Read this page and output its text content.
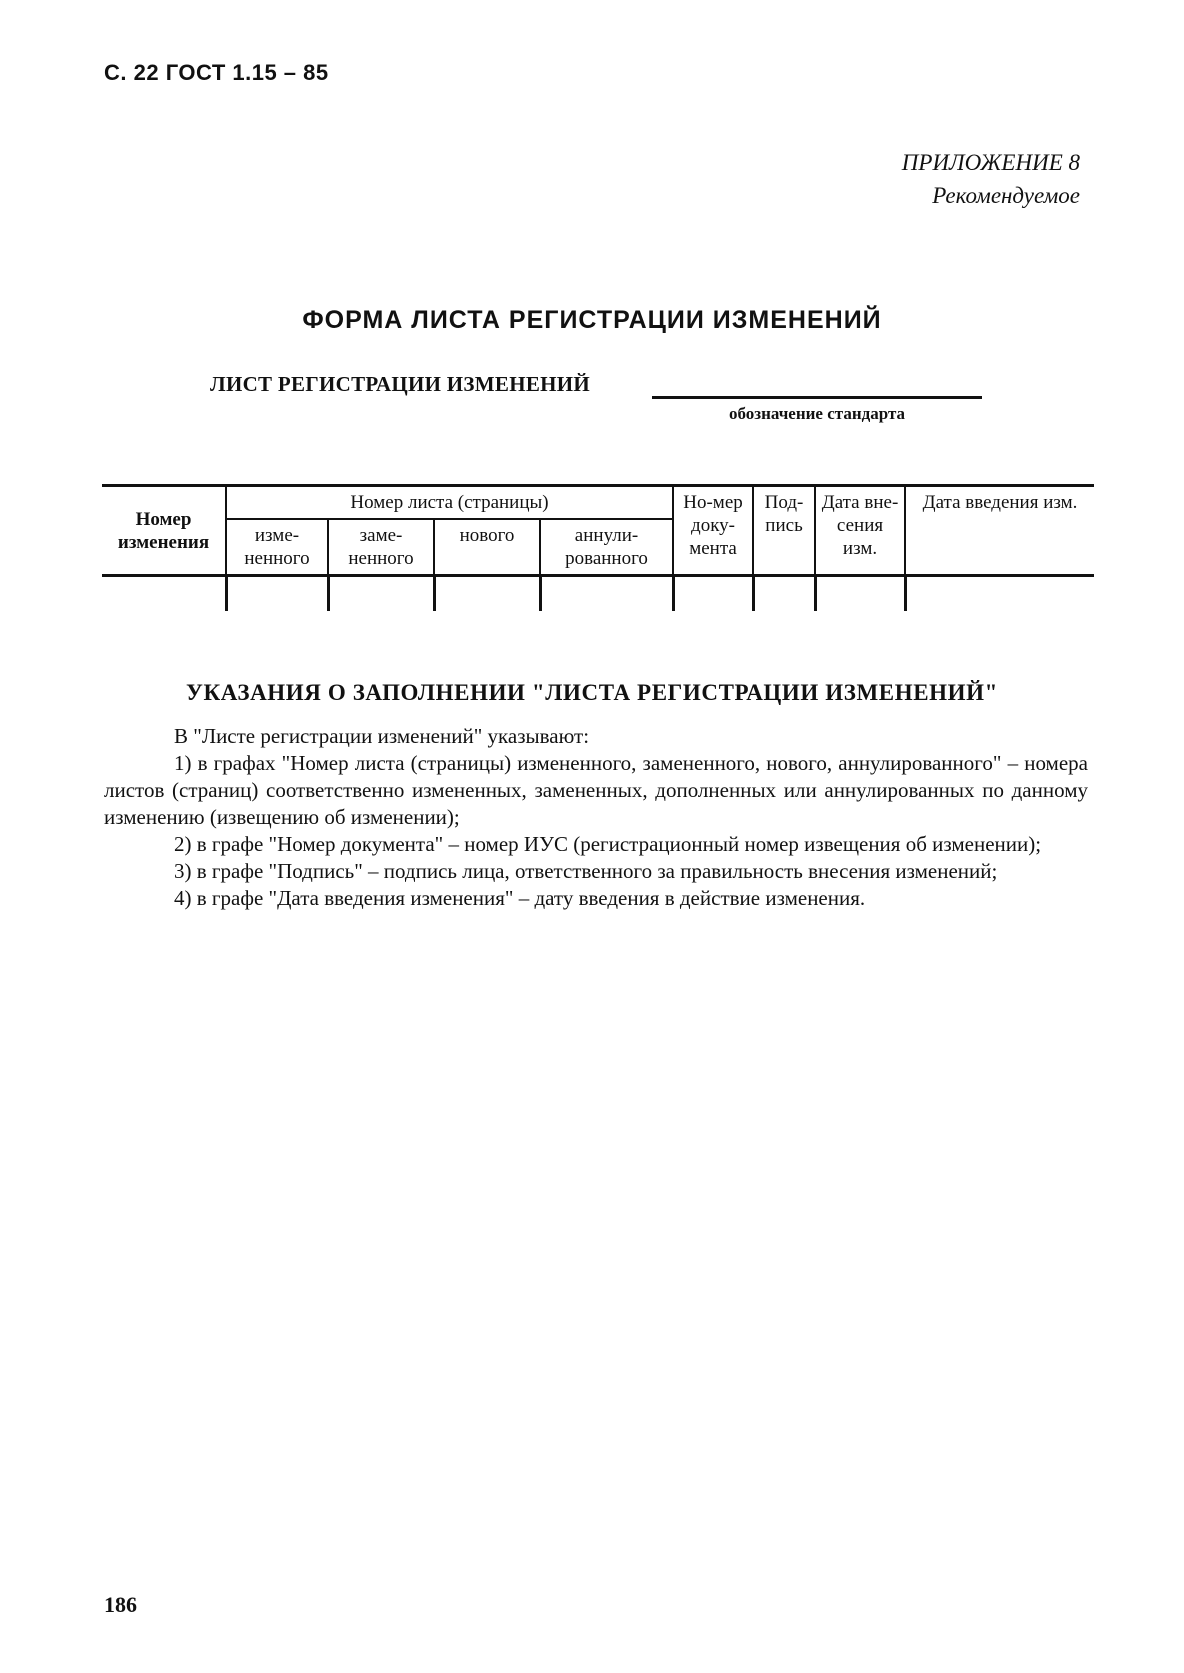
С. 22 ГОСТ 1.15 – 85
ПРИЛОЖЕНИЕ 8
Рекомендуемое
ФОРМА ЛИСТА РЕГИСТРАЦИИ ИЗМЕНЕНИЙ
ЛИСТ РЕГИСТРАЦИИ ИЗМЕНЕНИЙ
обозначение стандарта
Номер изменения	Номер листа (страницы)				Но-мер доку-мента	Под-пись	Дата вне-сения изм.	Дата введения изм.
	изме-ненного	заме-ненного	нового	аннули-рованного				

УКАЗАНИЯ О ЗАПОЛНЕНИИ "ЛИСТА РЕГИСТРАЦИИ ИЗМЕНЕНИЙ"

В "Листе регистрации изменений" указывают:

1) в графах "Номер листа (страницы) измененного, замененного, нового, аннулированного" – номера листов (страниц) соответственно измененных, замененных, дополненных или аннулированных по данному изменению (извещению об изменении);

2) в графе "Номер документа" – номер ИУС (регистрационный номер извещения об изменении);

3) в графе "Подпись" – подпись лица, ответственного за правильность внесения изменений;

4) в графе "Дата введения изменения" – дату введения в действие изменения.

186
